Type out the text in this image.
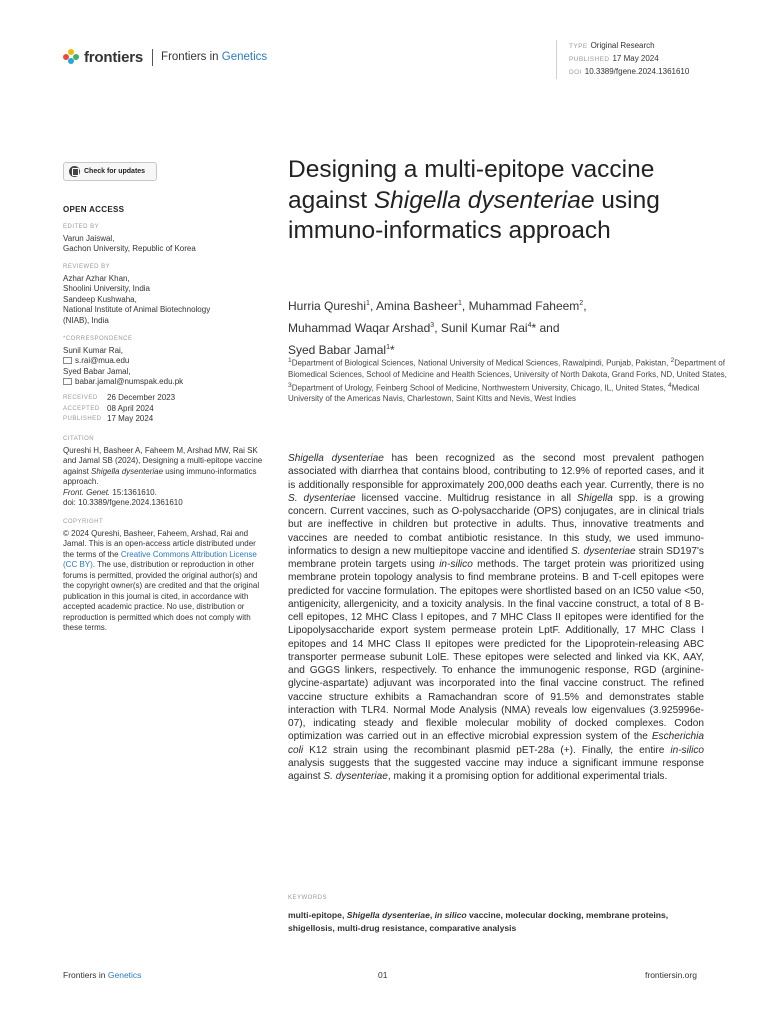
frontiers Frontiers in Genetics
TYPE Original Research
PUBLISHED 17 May 2024
DOI 10.3389/fgene.2024.1361610
Check for updates
OPEN ACCESS
EDITED BY
Varun Jaiswal,
Gachon University, Republic of Korea
REVIEWED BY
Azhar Azhar Khan,
Shoolini University, India
Sandeep Kushwaha,
National Institute of Animal Biotechnology
(NIAB), India
*CORRESPONDENCE
Sunil Kumar Rai,
s.rai@mua.edu
Syed Babar Jamal,
babar.jamal@numspak.edu.pk
RECEIVED	26 December 2023
ACCEPTED 08 April 2024
PUBLISHED 17 May 2024
CITATION
Qureshi H, Basheer A, Faheem M, Arshad MW, Rai SK and Jamal SB (2024), Designing a multi-epitope vaccine against Shigella dysenteriae using immuno-informatics approach.
Front. Genet. 15:1361610.
doi: 10.3389/fgene.2024.1361610
COPYRIGHT
© 2024 Qureshi, Basheer, Faheem, Arshad, Rai and Jamal. This is an open-access article distributed under the terms of the Creative Commons Attribution License (CC BY). The use, distribution or reproduction in other forums is permitted, provided the original author(s) and the copyright owner(s) are credited and that the original publication in this journal is cited, in accordance with accepted academic practice. No use, distribution or reproduction is permitted which does not comply with these terms.
Designing a multi-epitope vaccine against Shigella dysenteriae using immuno-informatics approach
Hurria Qureshi$^1$, Amina Basheer$^1$, Muhammad Faheem$^2$,
Muhammad Waqar Arshad$^3$, Sunil Kumar Rai$^4$* and
Syed Babar Jamal$^1$*
$^1$Department of Biological Sciences, National University of Medical Sciences, Rawalpindi, Punjab, Pakistan, $^2$Department of Biomedical Sciences, School of Medicine and Health Sciences, University of North Dakota, Grand Forks, ND, United States, $^3$Department of Urology, Feinberg School of Medicine, Northwestern University, Chicago, IL, United States, $^4$Medical University of the Americas Navis, Charlestown, Saint Kitts and Nevis, West Indies
Shigella dysenteriae has been recognized as the second most prevalent pathogen associated with diarrhea that contains blood, contributing to 12.9% of reported cases, and it is additionally responsible for approximately 200,000 deaths each year. Currently, there is no S. dysenteriae licensed vaccine. Multidrug resistance in all Shigella spp. is a growing concern. Current vaccines, such as O-polysaccharide (OPS) conjugates, are in clinical trials but are ineffective in children but protective in adults. Thus, innovative treatments and vaccines are needed to combat antibiotic resistance. In this study, we used immuno-informatics to design a new multiepitope vaccine and identified S. dysenteriae strain SD197's membrane protein targets using in-silico methods. The target protein was prioritized using membrane protein topology analysis to find membrane proteins. B and T-cell epitopes were predicted for vaccine formulation. The epitopes were shortlisted based on an IC50 value <50, antigenicity, allergenicity, and a toxicity analysis. In the final vaccine construct, a total of 8 B-cell epitopes, 12 MHC Class I epitopes, and 7 MHC Class II epitopes were identified for the Lipopolysaccharide export system permease protein LptF. Additionally, 17 MHC Class I epitopes and 14 MHC Class II epitopes were predicted for the Lipoprotein-releasing ABC transporter permease subunit LolE. These epitopes were selected and linked via KK, AAY, and GGGS linkers, respectively. To enhance the immunogenic response, RGD (arginine-glycine-aspartate) adjuvant was incorporated into the final vaccine construct. The refined vaccine structure exhibits a Ramachandran score of 91.5% and demonstrates stable interaction with TLR4. Normal Mode Analysis (NMA) reveals low eigenvalues (3.925996e-07), indicating steady and flexible molecular mobility of docked complexes. Codon optimization was carried out in an effective microbial expression system of the Escherichia coli K12 strain using the recombinant plasmid pET-28a (+). Finally, the entire in-silico analysis suggests that the suggested vaccine may induce a significant immune response against S. dysenteriae, making it a promising option for additional experimental trials.
KEYWORDS
multi-epitope, Shigella dysenteriae, in silico vaccine, molecular docking, membrane proteins, shigellosis, multi-drug resistance, comparative analysis
Frontiers in Genetics	01	frontiersin.org
